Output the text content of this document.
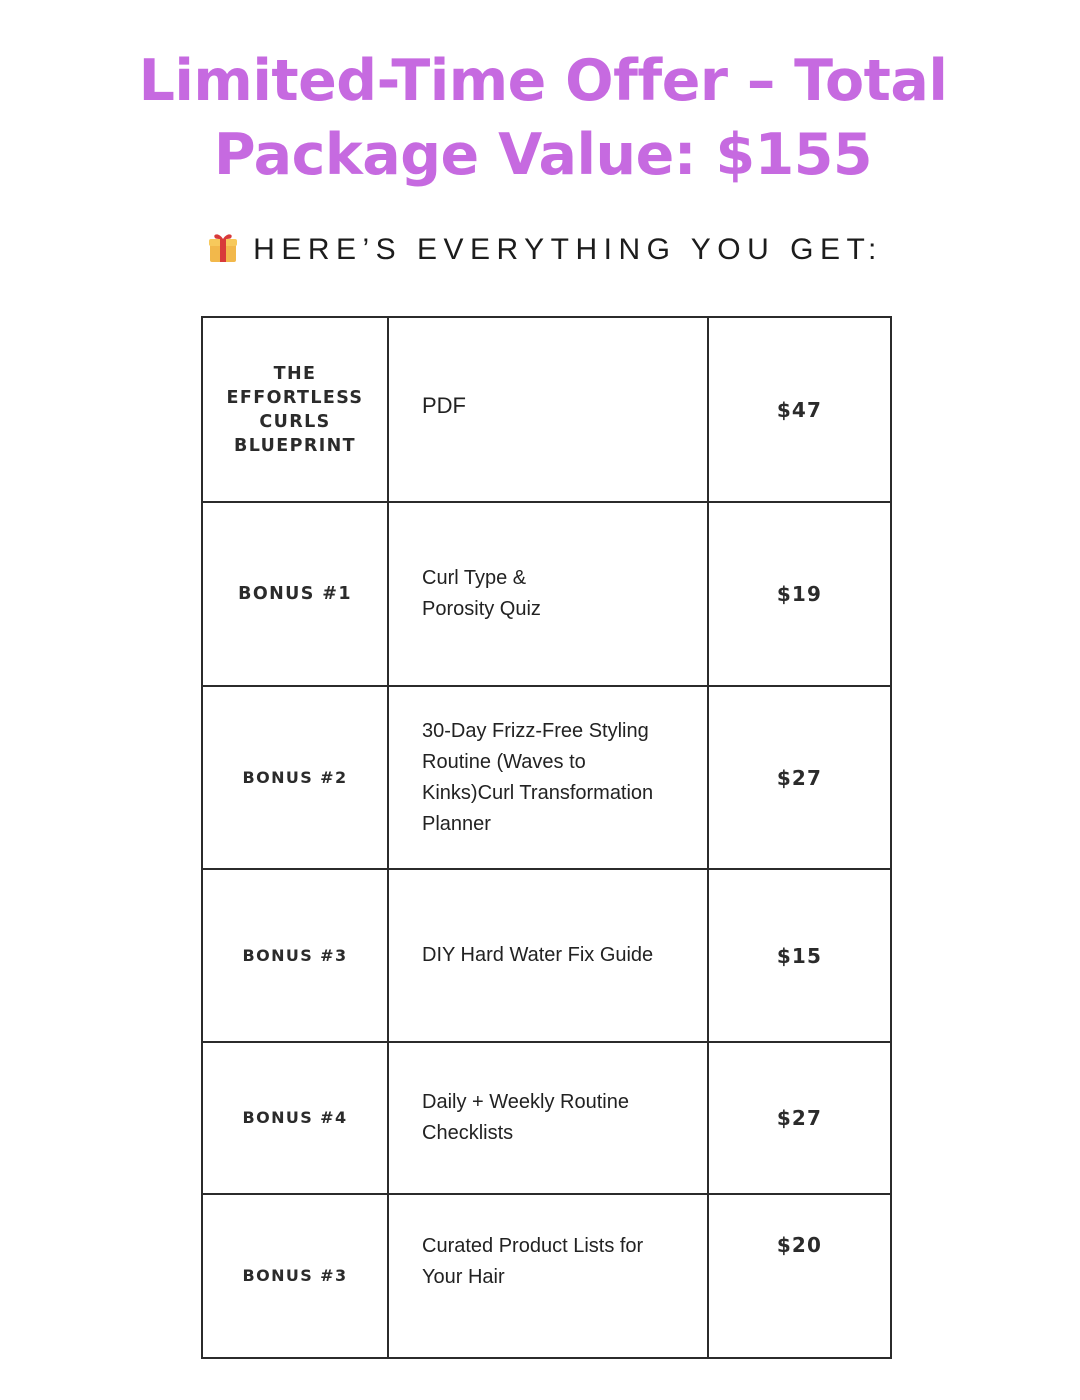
Limited-Time Offer – Total
Package Value: $155
HERE’S EVERYTHING YOU GET:
THE EFFORTLESS CURLS BLUEPRINT	PDF	$47
BONUS #1	Curl Type &
Porosity Quiz	$19
BONUS #2	30-Day Frizz-Free Styling
Routine (Waves to
Kinks)Curl Transformation
Planner	$27
BONUS #3	DIY Hard Water Fix Guide	$15
BONUS #4	Daily + Weekly Routine
Checklists	$27
BONUS #3	Curated Product Lists for
Your Hair	$20
